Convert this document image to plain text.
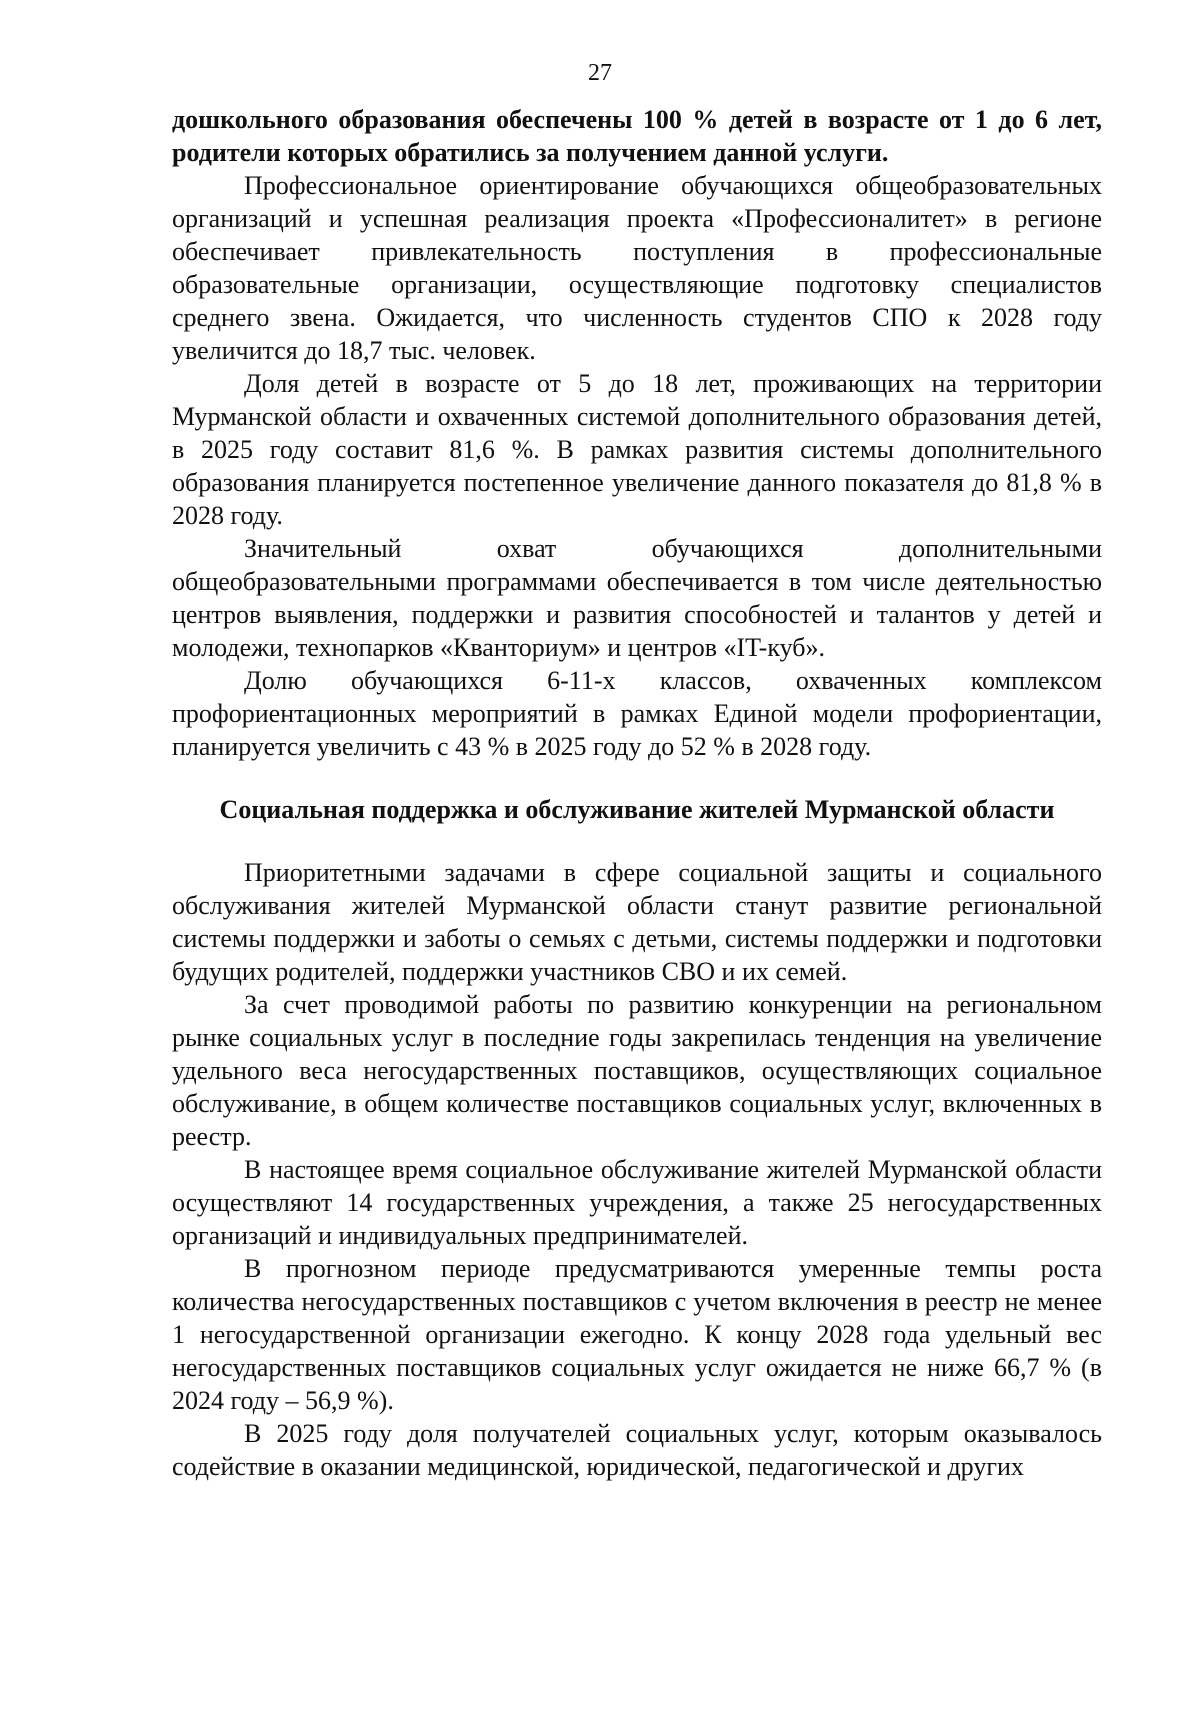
27

дошкольного образования обеспечены 100 % детей в возрасте от 1 до 6 лет, родители которых обратились за получением данной услуги.

Профессиональное ориентирование обучающихся общеобразовательных организаций и успешная реализация проекта «Профессионалитет» в регионе обеспечивает привлекательность поступления в профессиональные образовательные организации, осуществляющие подготовку специалистов среднего звена. Ожидается, что численность студентов СПО к 2028 году увеличится до 18,7 тыс. человек.

Доля детей в возрасте от 5 до 18 лет, проживающих на территории Мурманской области и охваченных системой дополнительного образования детей, в 2025 году составит 81,6 %. В рамках развития системы дополнительного образования планируется постепенное увеличение данного показателя до 81,8 % в 2028 году.

Значительный охват обучающихся дополнительными общеобразовательными программами обеспечивается в том числе деятельностью центров выявления, поддержки и развития способностей и талантов у детей и молодежи, технопарков «Кванториум» и центров «IT-куб».

Долю обучающихся 6-11-х классов, охваченных комплексом профориентационных мероприятий в рамках Единой модели профориентации, планируется увеличить с 43 % в 2025 году до 52 % в 2028 году.

Социальная поддержка и обслуживание жителей Мурманской области

Приоритетными задачами в сфере социальной защиты и социального обслуживания жителей Мурманской области станут развитие региональной системы поддержки и заботы о семьях с детьми, системы поддержки и подготовки будущих родителей, поддержки участников СВО и их семей.

За счет проводимой работы по развитию конкуренции на региональном рынке социальных услуг в последние годы закрепилась тенденция на увеличение удельного веса негосударственных поставщиков, осуществляющих социальное обслуживание, в общем количестве поставщиков социальных услуг, включенных в реестр.

В настоящее время социальное обслуживание жителей Мурманской области осуществляют 14 государственных учреждения, а также 25 негосударственных организаций и индивидуальных предпринимателей.

В прогнозном периоде предусматриваются умеренные темпы роста количества негосударственных поставщиков с учетом включения в реестр не менее 1 негосударственной организации ежегодно. К концу 2028 года удельный вес негосударственных поставщиков социальных услуг ожидается не ниже 66,7 % (в 2024 году – 56,9 %).

В 2025 году доля получателей социальных услуг, которым оказывалось содействие в оказании медицинской, юридической, педагогической и других
